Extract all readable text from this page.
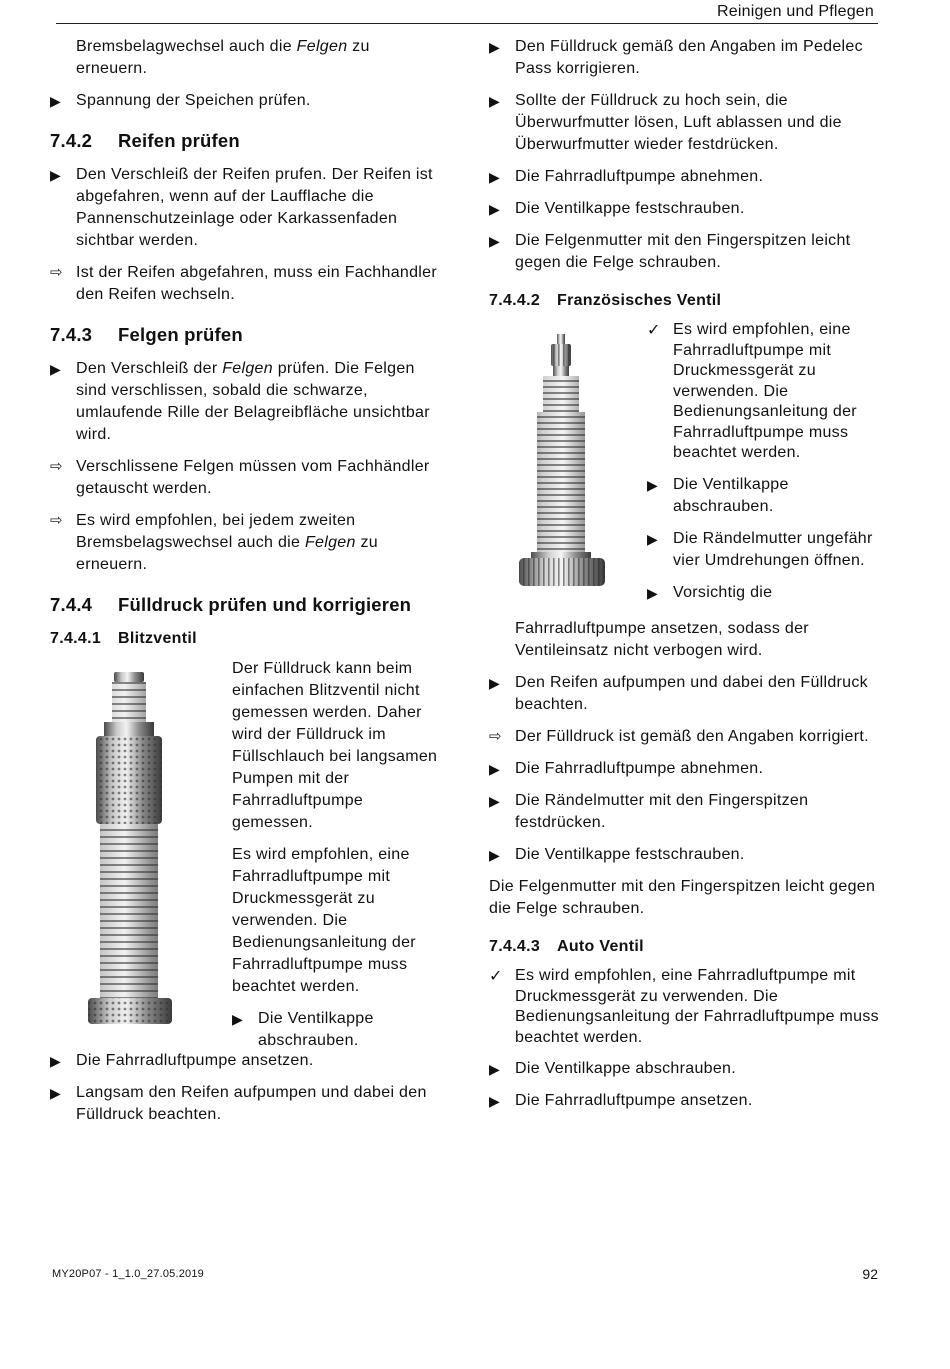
Reinigen und Pflegen

Bremsbelagwechsel auch die Felgen zu erneuern.

▶ Spannung der Speichen prüfen.
7.4.2 Reifen prüfen
▶ Den Verschleiß der Reifen prufen. Der Reifen ist abgefahren, wenn auf der Laufflache die Pannenschutzeinlage oder Karkassenfaden sichtbar werden.
⇨ Ist der Reifen abgefahren, muss ein Fachhandler den Reifen wechseln.
7.4.3 Felgen prüfen
▶ Den Verschleiß der Felgen prüfen. Die Felgen sind verschlissen, sobald die schwarze, umlaufende Rille der Belagreibfläche unsichtbar wird.
⇨ Verschlissene Felgen müssen vom Fachhändler getauscht werden.
⇨ Es wird empfohlen, bei jedem zweiten Bremsbelagswechsel auch die Felgen zu erneuern.
7.4.4 Fülldruck prüfen und korrigieren
7.4.4.1 Blitzventil

Der Fülldruck kann beim einfachen Blitzventil nicht gemessen werden. Daher wird der Fülldruck im Füllschlauch bei langsamen Pumpen mit der Fahrradluftpumpe gemessen.

Es wird empfohlen, eine Fahrradluftpumpe mit Druckmessgerät zu verwenden. Die Bedienungsanleitung der Fahrradluftpumpe muss beachtet werden.

▶ Die Ventilkappe abschrauben.
▶ Die Fahrradluftpumpe ansetzen.
▶ Langsam den Reifen aufpumpen und dabei den Fülldruck beachten.
▶ Den Fülldruck gemäß den Angaben im Pedelec Pass korrigieren.
▶ Sollte der Fülldruck zu hoch sein, die Überwurfmutter lösen, Luft ablassen und die Überwurfmutter wieder festdrücken.
▶ Die Fahrradluftpumpe abnehmen.
▶ Die Ventilkappe festschrauben.
▶ Die Felgenmutter mit den Fingerspitzen leicht gegen die Felge schrauben.
7.4.4.2 Französisches Ventil
✓ Es wird empfohlen, eine Fahrradluftpumpe mit Druckmessgerät zu verwenden. Die Bedienungsanleitung der Fahrradluftpumpe muss beachtet werden.
▶ Die Ventilkappe abschrauben.
▶ Die Rändelmutter ungefähr vier Umdrehungen öffnen.
▶ Vorsichtig die

Fahrradluftpumpe ansetzen, sodass der Ventileinsatz nicht verbogen wird.

▶ Den Reifen aufpumpen und dabei den Fülldruck beachten.
⇨ Der Fülldruck ist gemäß den Angaben korrigiert.
▶ Die Fahrradluftpumpe abnehmen.
▶ Die Rändelmutter mit den Fingerspitzen festdrücken.
▶ Die Ventilkappe festschrauben.

Die Felgenmutter mit den Fingerspitzen leicht gegen die Felge schrauben.

7.4.4.3 Auto Ventil
✓ Es wird empfohlen, eine Fahrradluftpumpe mit Druckmessgerät zu verwenden. Die Bedienungsanleitung der Fahrradluftpumpe muss beachtet werden.
▶ Die Ventilkappe abschrauben.
▶ Die Fahrradluftpumpe ansetzen.
MY20P07 - 1_1.0_27.05.2019	92
